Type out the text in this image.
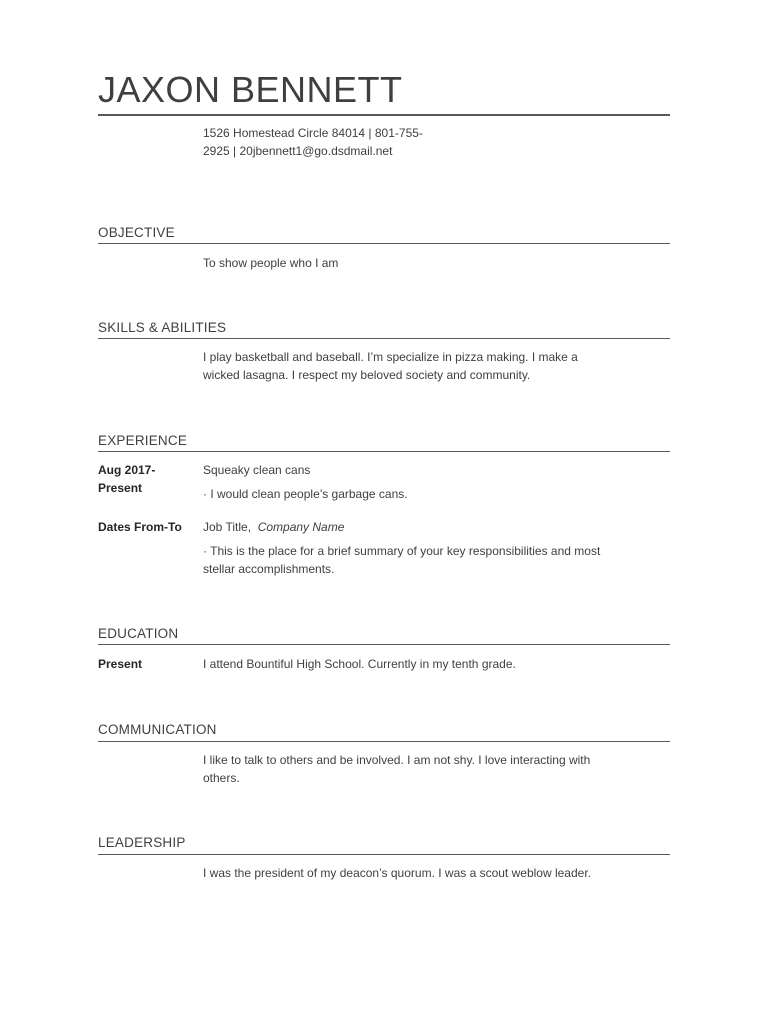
JAXON BENNETT
1526 Homestead Circle 84014 | 801-755-
2925 | 20jbennett1@go.dsdmail.net
OBJECTIVE
To show people who I am
SKILLS & ABILITIES
I play basketball and baseball. I’m specialize in pizza making. I make a
wicked lasagna. I respect my beloved society and community.
EXPERIENCE
Aug 2017-
Present
Squeaky clean cans
· I would clean people’s garbage cans.
Dates From-To	Job Title, Company Name
· This is the place for a brief summary of your key responsibilities and most
stellar accomplishments.
EDUCATION
Present	I attend Bountiful High School. Currently in my tenth grade.
COMMUNICATION
I like to talk to others and be involved. I am not shy. I love interacting with
others.
LEADERSHIP
I was the president of my deacon’s quorum. I was a scout weblow leader.
